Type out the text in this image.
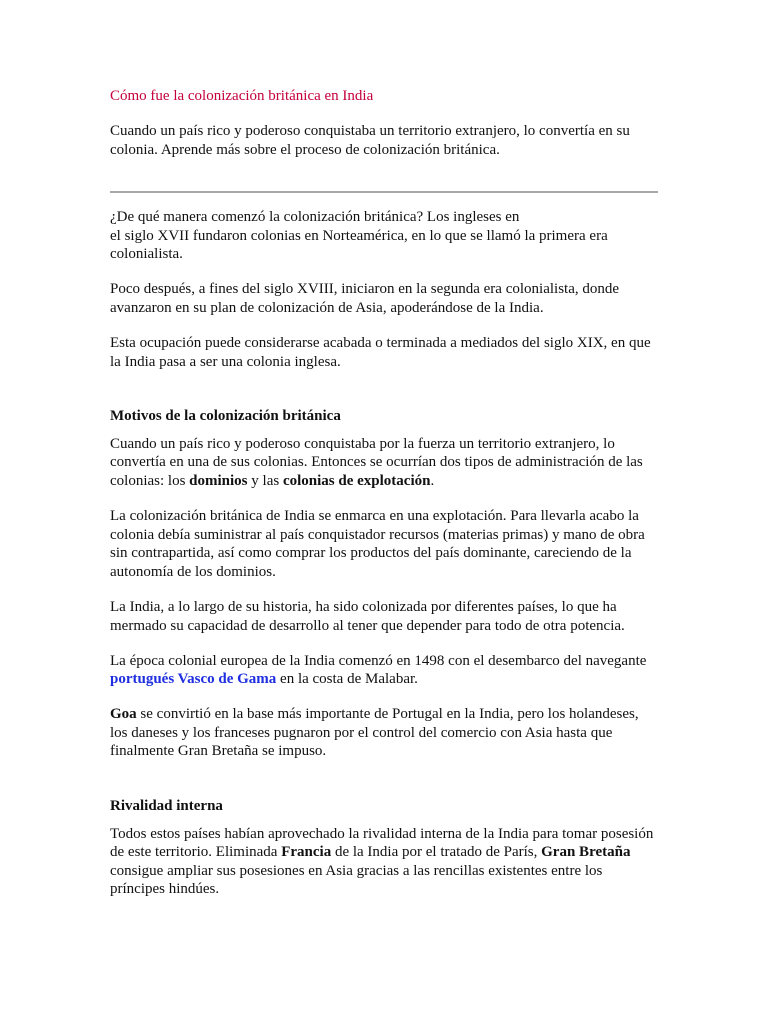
Cómo fue la colonización británica en India

Cuando un país rico y poderoso conquistaba un territorio extranjero, lo convertía en su colonia. Aprende más sobre el proceso de colonización británica.

¿De qué manera comenzó la colonización británica? Los ingleses en
el siglo XVII fundaron colonias en Norteamérica, en lo que se llamó la primera era colonialista.

Poco después, a fines del siglo XVIII, iniciaron en la segunda era colonialista, donde avanzaron en su plan de colonización de Asia, apoderándose de la India.

Esta ocupación puede considerarse acabada o terminada a mediados del siglo XIX, en que la India pasa a ser una colonia inglesa.

Motivos de la colonización británica

Cuando un país rico y poderoso conquistaba por la fuerza un territorio extranjero, lo convertía en una de sus colonias. Entonces se ocurrían dos tipos de administración de las colonias: los dominios y las colonias de explotación.

La colonización británica de India se enmarca en una explotación. Para llevarla acabo la colonia debía suministrar al país conquistador recursos (materias primas) y mano de obra sin contrapartida, así como comprar los productos del país dominante, careciendo de la autonomía de los dominios.

La India, a lo largo de su historia, ha sido colonizada por diferentes países, lo que ha mermado su capacidad de desarrollo al tener que depender para todo de otra potencia.

La época colonial europea de la India comenzó en 1498 con el desembarco del navegante portugués Vasco de Gama en la costa de Malabar.

Goa se convirtió en la base más importante de Portugal en la India, pero los holandeses, los daneses y los franceses pugnaron por el control del comercio con Asia hasta que finalmente Gran Bretaña se impuso.

Rivalidad interna

Todos estos países habían aprovechado la rivalidad interna de la India para tomar posesión de este territorio. Eliminada Francia de la India por el tratado de París, Gran Bretaña consigue ampliar sus posesiones en Asia gracias a las rencillas existentes entre los príncipes hindúes.
